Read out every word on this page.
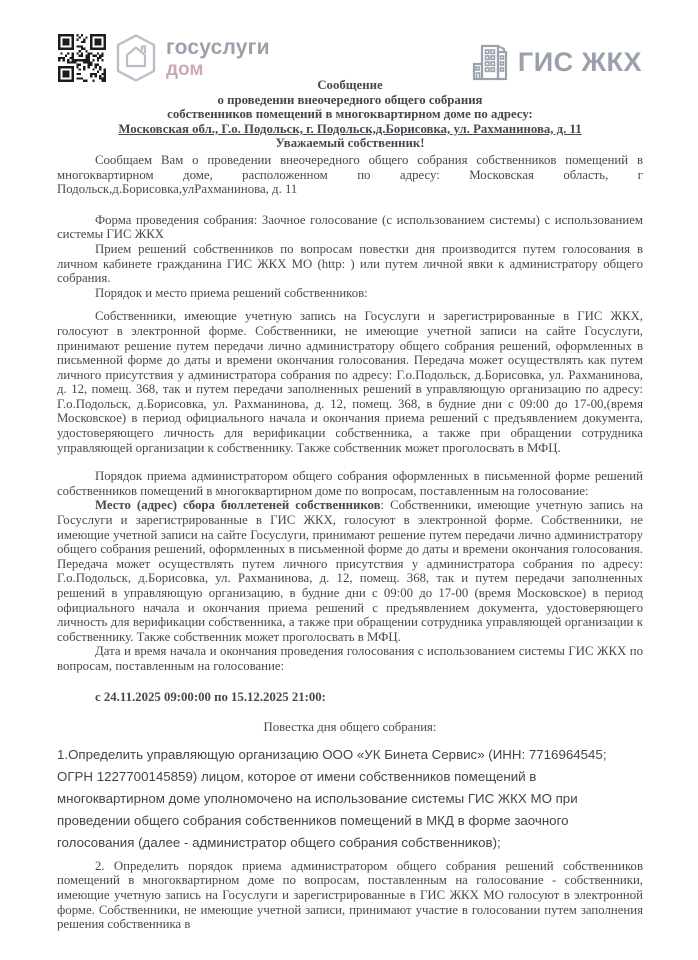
госуслуги
дом	ГИС ЖКХ
Сообщение
о проведении внеочередного общего собрания
собственников помещений в многоквартирном доме по адресу:
Московская обл., Г.о. Подольск, г. Подольск,д.Борисовка, ул. Рахманинова, д. 11
Уважаемый собственник!

Сообщаем Вам о проведении внеочередного общего собрания собственников помещений в многоквартирном доме, расположенном по адресу: Московская область, г Подольск,д.Борисовка,улРахманинова, д. 11

Форма проведения собрания: Заочное голосование (с использованием системы) с использованием системы ГИС ЖКХ

Прием решений собственников по вопросам повестки дня производится путем голосования в личном кабинете гражданина ГИС ЖКХ МО (http: ) или путем личной явки к администратору общего собрания.

Порядок и место приема решений собственников:

Собственники, имеющие учетную запись на Госуслуги и зарегистрированные в ГИС ЖКХ, голосуют в электронной форме. Собственники, не имеющие учетной записи на сайте Госуслуги, принимают решение путем передачи лично администратору общего собрания решений, оформленных в письменной форме до даты и времени окончания голосования. Передача может осуществлять как путем личного присутствия у администратора собрания по адресу: Г.о.Подольск, д.Борисовка, ул. Рахманинова, д. 12, помещ. 368, так и путем передачи заполненных решений в управляющую организацию по адресу: Г.о.Подольск, д.Борисовка, ул. Рахманинова, д. 12, помещ. 368, в будние дни с 09:00 до 17-00,(время Московское) в период официального начала и окончания приема решений с предъявлением документа, удостоверяющего личность для верификации собственника, а также при обращении сотрудника управляющей организации к собственнику. Также собственник может проголосвать в МФЦ.

Порядок приема администратором общего собрания оформленных в письменной форме решений собственников помещений в многоквартирном доме по вопросам, поставленным на голосование:

Место (адрес) сбора бюллетеней собственников: Собственники, имеющие учетную запись на Госуслуги и зарегистрированные в ГИС ЖКХ, голосуют в электронной форме. Собственники, не имеющие учетной записи на сайте Госуслуги, принимают решение путем передачи лично администратору общего собрания решений, оформленных в письменной форме до даты и времени окончания голосования. Передача может осуществлять путем личного присутствия у администратора собрания по адресу: Г.о.Подольск, д.Борисовка, ул. Рахманинова, д. 12, помещ. 368, так и путем передачи заполненных решений в управляющую организацию, в будние дни с 09:00 до 17-00 (время Московское) в период официального начала и окончания приема решений с предъявлением документа, удостоверяющего личность для верификации собственника, а также при обращении сотрудника управляющей организации к собственнику. Также собственник может проголосвать в МФЦ.

Дата и время начала и окончания проведения голосования с использованием системы ГИС ЖКХ по вопросам, поставленным на голосование:

с 24.11.2025 09:00:00 по 15.12.2025 21:00:

Повестка дня общего собрания:

1.Определить управляющую организацию ООО «УК Бинета Сервис» (ИНН: 7716964545; ОГРН 1227700145859) лицом, которое от имени собственников помещений в многоквартирном доме уполномочено на использование системы ГИС ЖКХ МО при проведении общего собрания собственников помещений в МКД в форме заочного голосования (далее - администратор общего собрания собственников);

2. Определить порядок приема администратором общего собрания решений собственников помещений в многоквартирном доме по вопросам, поставленным на голосование - собственники, имеющие учетную запись на Госуслуги и зарегистрированные в ГИС ЖКХ МО голосуют в электронной форме. Собственники, не имеющие учетной записи, принимают участие в голосовании путем заполнения решения собственника в
